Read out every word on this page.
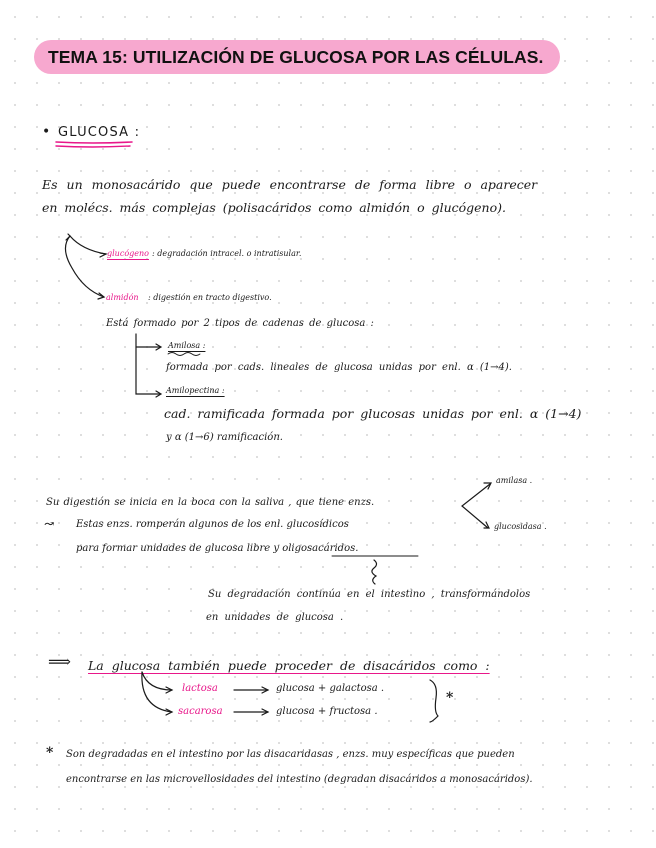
TEMA 15: UTILIZACIÓN DE GLUCOSA POR LAS CÉLULAS.
• GLUCOSA :
Es un monosacárido que puede encontrarse de forma libre o aparecer
en molécs. más complejas (polisacáridos como almidón o glucógeno).
glucógeno : degradación intracel. o intratisular.
almidón : digestión en tracto digestivo.
Está formado por 2 tipos de cadenas de glucosa :
Amilosa :
formada por cads. lineales de glucosa unidas por enl. α (1→4).
Amilopectina :
cad. ramificada formada por glucosas unidas por enl. α (1→4)
y α (1→6) ramificación.
Su digestión se inicia en la boca con la saliva , que tiene enzs.
↝ Estas enzs. romperán algunos de los enl. glucosídicos
para formar unidades de glucosa libre y oligosacáridos.
amilasa .
glucosidasa .
Su degradación continúa en el intestino , transformándolos
en unidades de glucosa .
⟹ La glucosa también puede proceder de disacáridos como :
lactosa	glucosa + galactosa .
sacarosa	glucosa + fructosa .
*
* Son degradadas en el intestino por las disacaridasas , enzs. muy específicas que pueden
encontrarse en las microvellosidades del intestino (degradan disacáridos a monosacáridos).
